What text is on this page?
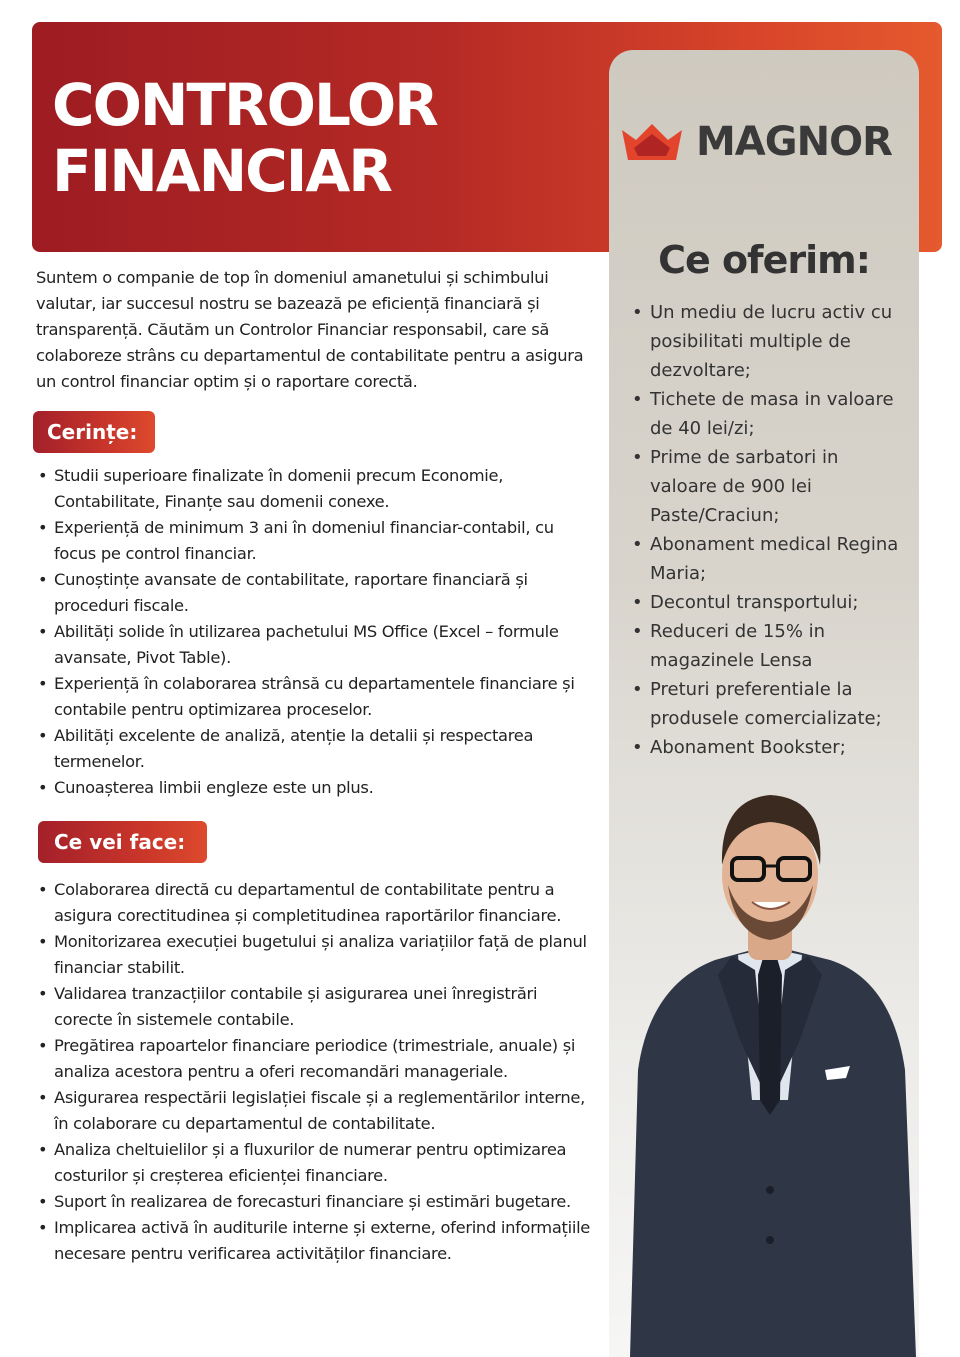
CONTROLOR
FINANCIAR	MAGNOR
Ce oferim:
• Un mediu de lucru activ cu posibilitati multiple de dezvoltare;
• Tichete de masa in valoare de 40 lei/zi;
• Prime de sarbatori in valoare de 900 lei Paste/Craciun;
• Abonament medical Regina Maria;
• Decontul transportului;
• Reduceri de 15% in magazinele Lensa
• Preturi preferentiale la produsele comercializate;
• Abonament Bookster;

Suntem o companie de top în domeniul amanetului și schimbului valutar, iar succesul nostru se bazează pe eficiență financiară și transparență. Căutăm un Controlor Financiar responsabil, care să colaboreze strâns cu departamentul de contabilitate pentru a asigura un control financiar optim și o raportare corectă.

Cerințe:
• Studii superioare finalizate în domenii precum Economie, Contabilitate, Finanțe sau domenii conexe.
• Experiență de minimum 3 ani în domeniul financiar-contabil, cu focus pe control financiar.
• Cunoștințe avansate de contabilitate, raportare financiară și proceduri fiscale.
• Abilități solide în utilizarea pachetului MS Office (Excel – formule avansate, Pivot Table).
• Experiență în colaborarea strânsă cu departamentele financiare și contabile pentru optimizarea proceselor.
• Abilități excelente de analiză, atenție la detalii și respectarea termenelor.
• Cunoașterea limbii engleze este un plus.
Ce vei face:
• Colaborarea directă cu departamentul de contabilitate pentru a asigura corectitudinea și completitudinea raportărilor financiare.
• Monitorizarea execuției bugetului și analiza variațiilor față de planul financiar stabilit.
• Validarea tranzacțiilor contabile și asigurarea unei înregistrări corecte în sistemele contabile.
• Pregătirea rapoartelor financiare periodice (trimestriale, anuale) și analiza acestora pentru a oferi recomandări manageriale.
• Asigurarea respectării legislației fiscale și a reglementărilor interne, în colaborare cu departamentul de contabilitate.
• Analiza cheltuielilor și a fluxurilor de numerar pentru optimizarea costurilor și creșterea eficienței financiare.
• Suport în realizarea de forecasturi financiare și estimări bugetare.
• Implicarea activă în auditurile interne și externe, oferind informațiile necesare pentru verificarea activităților financiare.
